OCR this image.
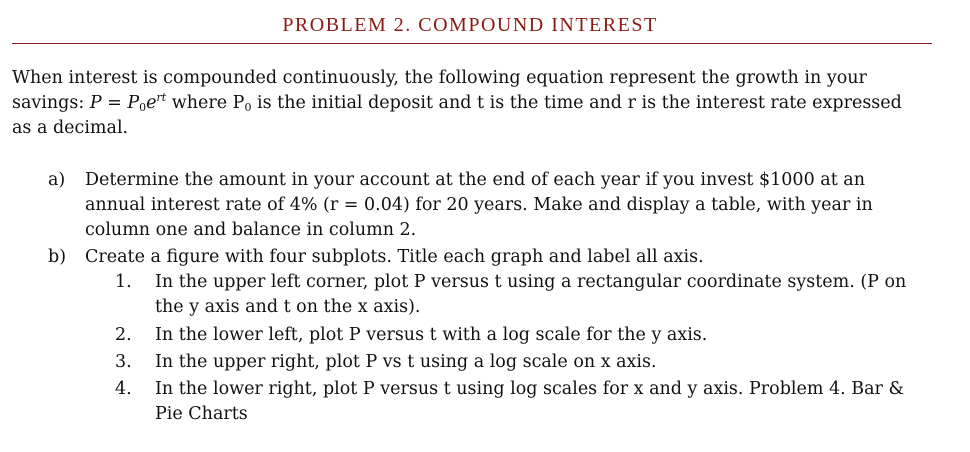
PROBLEM 2. COMPOUND INTEREST
When interest is compounded continuously, the following equation represent the growth in your savings: $P = P_0e^{rt}$ where $P_0$ is the initial deposit and t is the time and r is the interest rate expressed as a decimal.
a) Determine the amount in your account at the end of each year if you invest $1000 at an annual interest rate of 4% (r = 0.04) for 20 years. Make and display a table, with year in column one and balance in column 2.
b) Create a figure with four subplots. Title each graph and label all axis.
1. In the upper left corner, plot P versus t using a rectangular coordinate system. (P on the y axis and t on the x axis).
2. In the lower left, plot P versus t with a log scale for the y axis.
3. In the upper right, plot P vs t using a log scale on x axis.
4. In the lower right, plot P versus t using log scales for x and y axis. Problem 4. Bar & Pie Charts
